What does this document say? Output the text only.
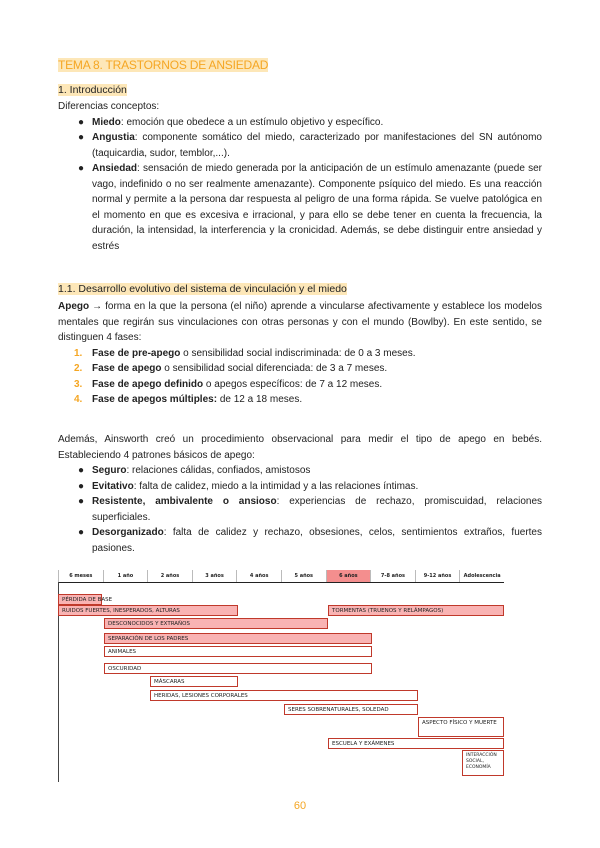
TEMA 8. TRASTORNOS DE ANSIEDAD
1. Introducción

Diferencias conceptos:

● Miedo: emoción que obedece a un estímulo objetivo y específico.
● Angustia: componente somático del miedo, caracterizado por manifestaciones del SN autónomo (taquicardia, sudor, temblor,...).
● Ansiedad: sensación de miedo generada por la anticipación de un estímulo amenazante (puede ser vago, indefinido o no ser realmente amenazante). Componente psíquico del miedo. Es una reacción normal y permite a la persona dar respuesta al peligro de una forma rápida. Se vuelve patológica en el momento en que es excesiva e irracional, y para ello se debe tener en cuenta la frecuencia, la duración, la intensidad, la interferencia y la cronicidad. Además, se debe distinguir entre ansiedad y estrés
1.1. Desarrollo evolutivo del sistema de vinculación y el miedo

Apego → forma en la que la persona (el niño) aprende a vincularse afectivamente y establece los modelos mentales que regirán sus vinculaciones con otras personas y con el mundo (Bowlby). En este sentido, se distinguen 4 fases:

1. Fase de pre-apego o sensibilidad social indiscriminada: de 0 a 3 meses.
2. Fase de apego o sensibilidad social diferenciada: de 3 a 7 meses.
3. Fase de apego definido o apegos específicos: de 7 a 12 meses.
4. Fase de apegos múltiples: de 12 a 18 meses.

Además, Ainsworth creó un procedimiento observacional para medir el tipo de apego en bebés. Estableciendo 4 patrones básicos de apego:

● Seguro: relaciones cálidas, confiados, amistosos
● Evitativo: falta de calidez, miedo a la intimidad y a las relaciones íntimas.
● Resistente, ambivalente o ansioso: experiencias de rechazo, promiscuidad, relaciones superficiales.
● Desorganizado: falta de calidez y rechazo, obsesiones, celos, sentimientos extraños, fuertes pasiones.
6 meses	1 año	2 años	3 años	4 años	5 años	6 años	7-8 años	9-12 años	Adolescencia
PÉRDIDA DE BASE
RUIDOS FUERTES, INESPERADOS, ALTURAS	TORMENTAS (TRUENOS Y RELÁMPAGOS)
DESCONOCIDOS Y EXTRAÑOS
SEPARACIÓN DE LOS PADRES
ANIMALES
OSCURIDAD
MÁSCARAS
HERIDAS, LESIONES CORPORALES
SERES SOBRENATURALES, SOLEDAD
ASPECTO FÍSICO Y MUERTE
ESCUELA Y EXÁMENES
INTERACCIÓN SOCIAL, ECONOMÍA
60
